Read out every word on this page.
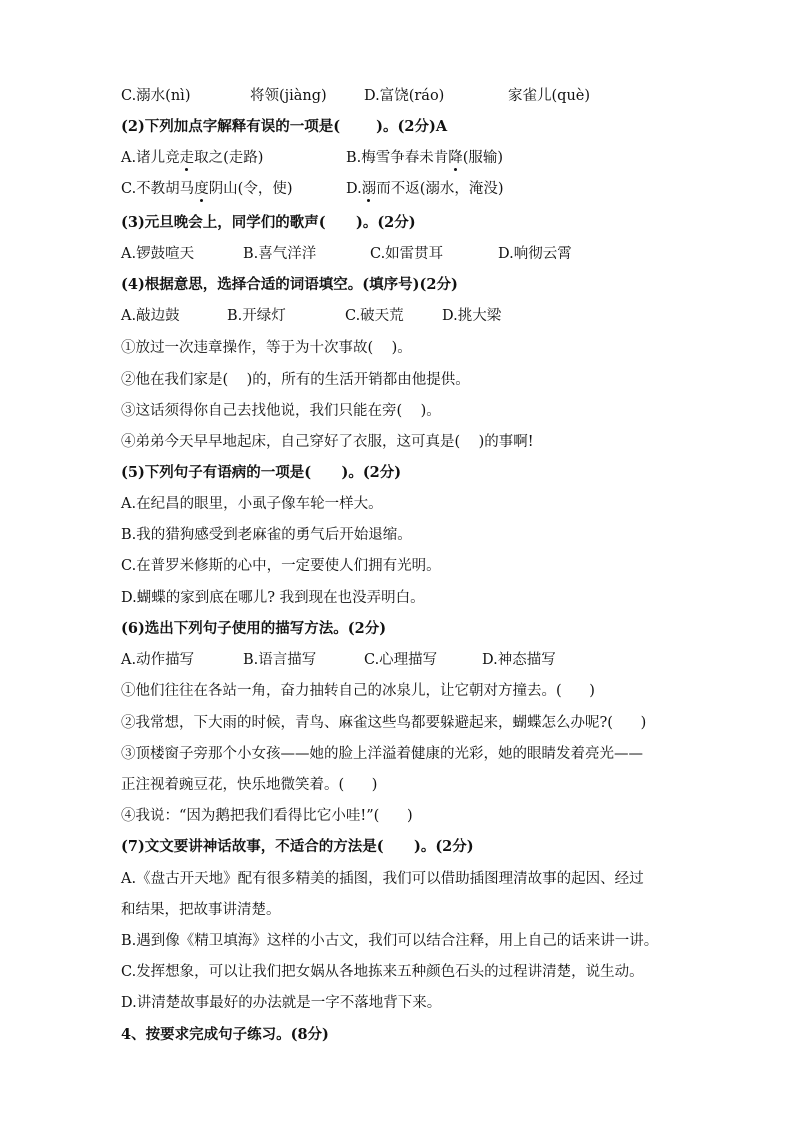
C.溺水(nì)	将领(jiàng)	D.富饶(ráo)	家雀儿(què)
(2)下列加点字解释有误的一项是( )。(2分)A
A.诸儿竞走取之(走路)	B.梅雪争春未肯降(服输)
C.不教胡马度阴山(令，使)	D.溺而不返(溺水，淹没)
(3)元旦晚会上，同学们的歌声(      )。(2分)
A.锣鼓喧天	B.喜气洋洋	C.如雷贯耳	D.响彻云霄
(4)根据意思，选择合适的词语填空。(填序号)(2分)
A.敲边鼓	B.开绿灯	C.破天荒	D.挑大梁
①放过一次违章操作，等于为十次事故(    )。
②他在我们家是(    )的，所有的生活开销都由他提供。
③这话须得你自己去找他说，我们只能在旁(    )。
④弟弟今天早早地起床，自己穿好了衣服，这可真是(    )的事啊!
(5)下列句子有语病的一项是(      )。(2分)
A.在纪昌的眼里，小虱子像车轮一样大。
B.我的猎狗感受到老麻雀的勇气后开始退缩。
C.在普罗米修斯的心中，一定要使人们拥有光明。
D.蝴蝶的家到底在哪儿? 我到现在也没弄明白。
(6)选出下列句子使用的描写方法。(2分)
A.动作描写	B.语言描写	C.心理描写	D.神态描写
①他们往往在各站一角，奋力抽转自己的冰泉儿，让它朝对方撞去。(      )
②我常想，下大雨的时候，青鸟、麻雀这些鸟都要躲避起来，蝴蝶怎么办呢?(      )
③顶楼窗子旁那个小女孩——她的脸上洋溢着健康的光彩，她的眼睛发着亮光——
正注视着豌豆花，快乐地微笑着。(      )
④我说：“因为鹅把我们看得比它小哇!”(      )
(7)文文要讲神话故事，不适合的方法是(      )。(2分)
A.《盘古开天地》配有很多精美的插图，我们可以借助插图理清故事的起因、经过
和结果，把故事讲清楚。
B.遇到像《精卫填海》这样的小古文，我们可以结合注释，用上自己的话来讲一讲。
C.发挥想象，可以让我们把女娲从各地拣来五种颜色石头的过程讲清楚，说生动。
D.讲清楚故事最好的办法就是一字不落地背下来。
4、按要求完成句子练习。(8分)
